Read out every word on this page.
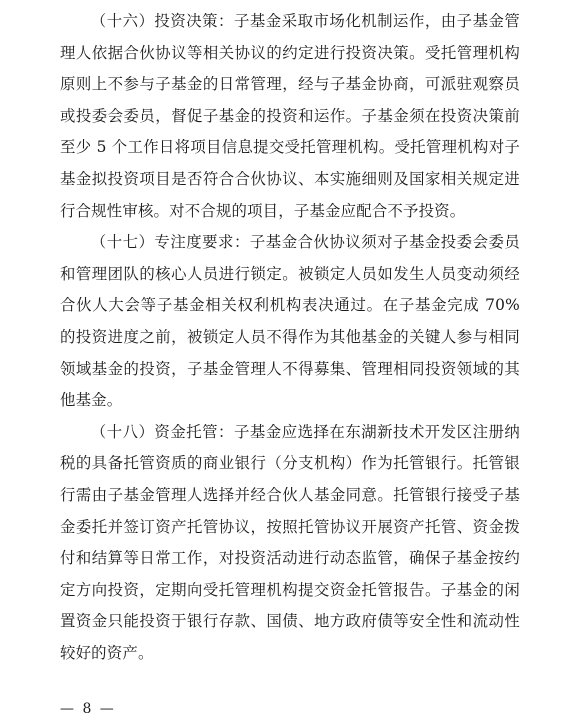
（十六）投资决策：子基金采取市场化机制运作，由子基金管理人依据合伙协议等相关协议的约定进行投资决策。受托管理机构原则上不参与子基金的日常管理，经与子基金协商，可派驻观察员或投委会委员，督促子基金的投资和运作。子基金须在投资决策前至少 5 个工作日将项目信息提交受托管理机构。受托管理机构对子基金拟投资项目是否符合合伙协议、本实施细则及国家相关规定进行合规性审核。对不合规的项目，子基金应配合不予投资。

（十七）专注度要求：子基金合伙协议须对子基金投委会委员和管理团队的核心人员进行锁定。被锁定人员如发生人员变动须经合伙人大会等子基金相关权利机构表决通过。在子基金完成 70%的投资进度之前，被锁定人员不得作为其他基金的关键人参与相同领域基金的投资，子基金管理人不得募集、管理相同投资领域的其他基金。

（十八）资金托管：子基金应选择在东湖新技术开发区注册纳税的具备托管资质的商业银行（分支机构）作为托管银行。托管银行需由子基金管理人选择并经合伙人基金同意。托管银行接受子基金委托并签订资产托管协议，按照托管协议开展资产托管、资金拨付和结算等日常工作，对投资活动进行动态监管，确保子基金按约定方向投资，定期向受托管理机构提交资金托管报告。子基金的闲置资金只能投资于银行存款、国债、地方政府债等安全性和流动性较好的资产。

— 8 —
